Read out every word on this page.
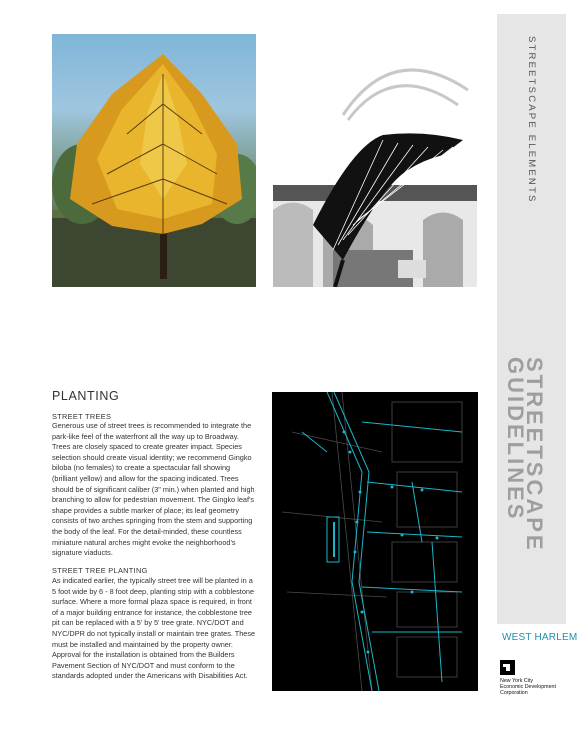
PLANTING
STREET TREES
Generous use of street trees is recommended to integrate the park-like feel of the waterfront all the way up to Broadway. Trees are closely spaced to create greater impact. Species selection should create visual identity; we recommend Gingko biloba (no females) to create a spectacular fall showing (brilliant yellow) and allow for the spacing indicated. Trees should be of significant caliber (3" min.) when planted and high branching to allow for pedestrian movement. The Gingko leaf's shape provides a subtle marker of place; its leaf geometry consists of two arches springing from the stem and supporting the body of the leaf. For the detail-minded, these countless miniature natural arches might evoke the neighborhood's signature viaducts.
STREET TREE PLANTING
As indicated earlier, the typically street tree will be planted in a 5 foot wide by 6 - 8 foot deep, planting strip with a cobblestone surface. Where a more formal plaza space is required, in front of a major building entrance for instance, the cobblestone tree pit can be replaced with a 5' by 5' tree grate. NYC/DOT and NYC/DPR do not typically install or maintain tree grates. These must be installed and maintained by the property owner. Approval for the installation is obtained from the Builders Pavement Section of NYC/DOT and must conform to the standards adopted under the Americans with Disabilities Act.
STREETSCAPE ELEMENTS
STREETSCAPE
GUIDELINES
WEST HARLEM
New York City
Economic Development
Corporation
